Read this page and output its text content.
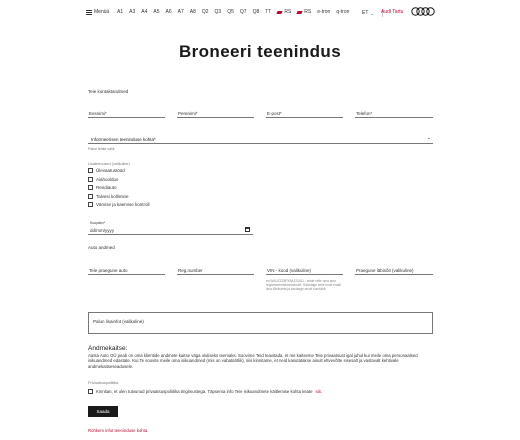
Menüü A1 A3 A4 A5 A6 A7 A8 Q2 Q3 Q5 Q7 Q8 TT	RS	RS e-tron q-tron	ET ⌄ Audi Tartu
Broneeri teenindus
Teie kontaktandmed
Eesnimi*	Perenimi*	E-post*	Telefon*
Informeerisen teeninduse kohta*	⌄
Palun tehke valik
Lisateenused (valikuline)
Ülevaatustööd
Aiahooldus
Rendiauto
Talvesi kollimine
Värvise ja kaemise kontroll
Kuupäev*
dd/mm/yyyy
Auto andmed
Teie praegune auto	Reg.number	VIN - kood (valikuline)	Praegune läbisõit (valikuline)
en WAUZZZ8PX5A123411 - leiate selle oma auto registreerimistunnistuselt. Sisestage selle kood eraldi ilma tühikuteta ja kasutage ainult suurtähti.
Palun lisainfot (valikuline)
Andmekaitse:
Aasta Auto OÜ peab on oma klientide andmete kaitse väga oluliseks teemaks. Soovime Teid teavitada, et me kaitseme Teie privaatsust igal juhul kui meile oma personaalsed isikuandmed edastate. Kui Te soovite meile oma isikuandmed (mis on vabatahtlik), siis kinnitame, et neid kasutatakse ainult eltvevõtte sisesalt ja vastavalt kehtivale andmekaitseseadusele.
Privaatsuspoliitika
Kinnitan, et olen tutvunud privaatsuspoliitika tingimustega. Täpsema info Teie isikuandmete käitlemise kohta leiate siit.
Saada
Rohkem infot teeninduse kohta.
